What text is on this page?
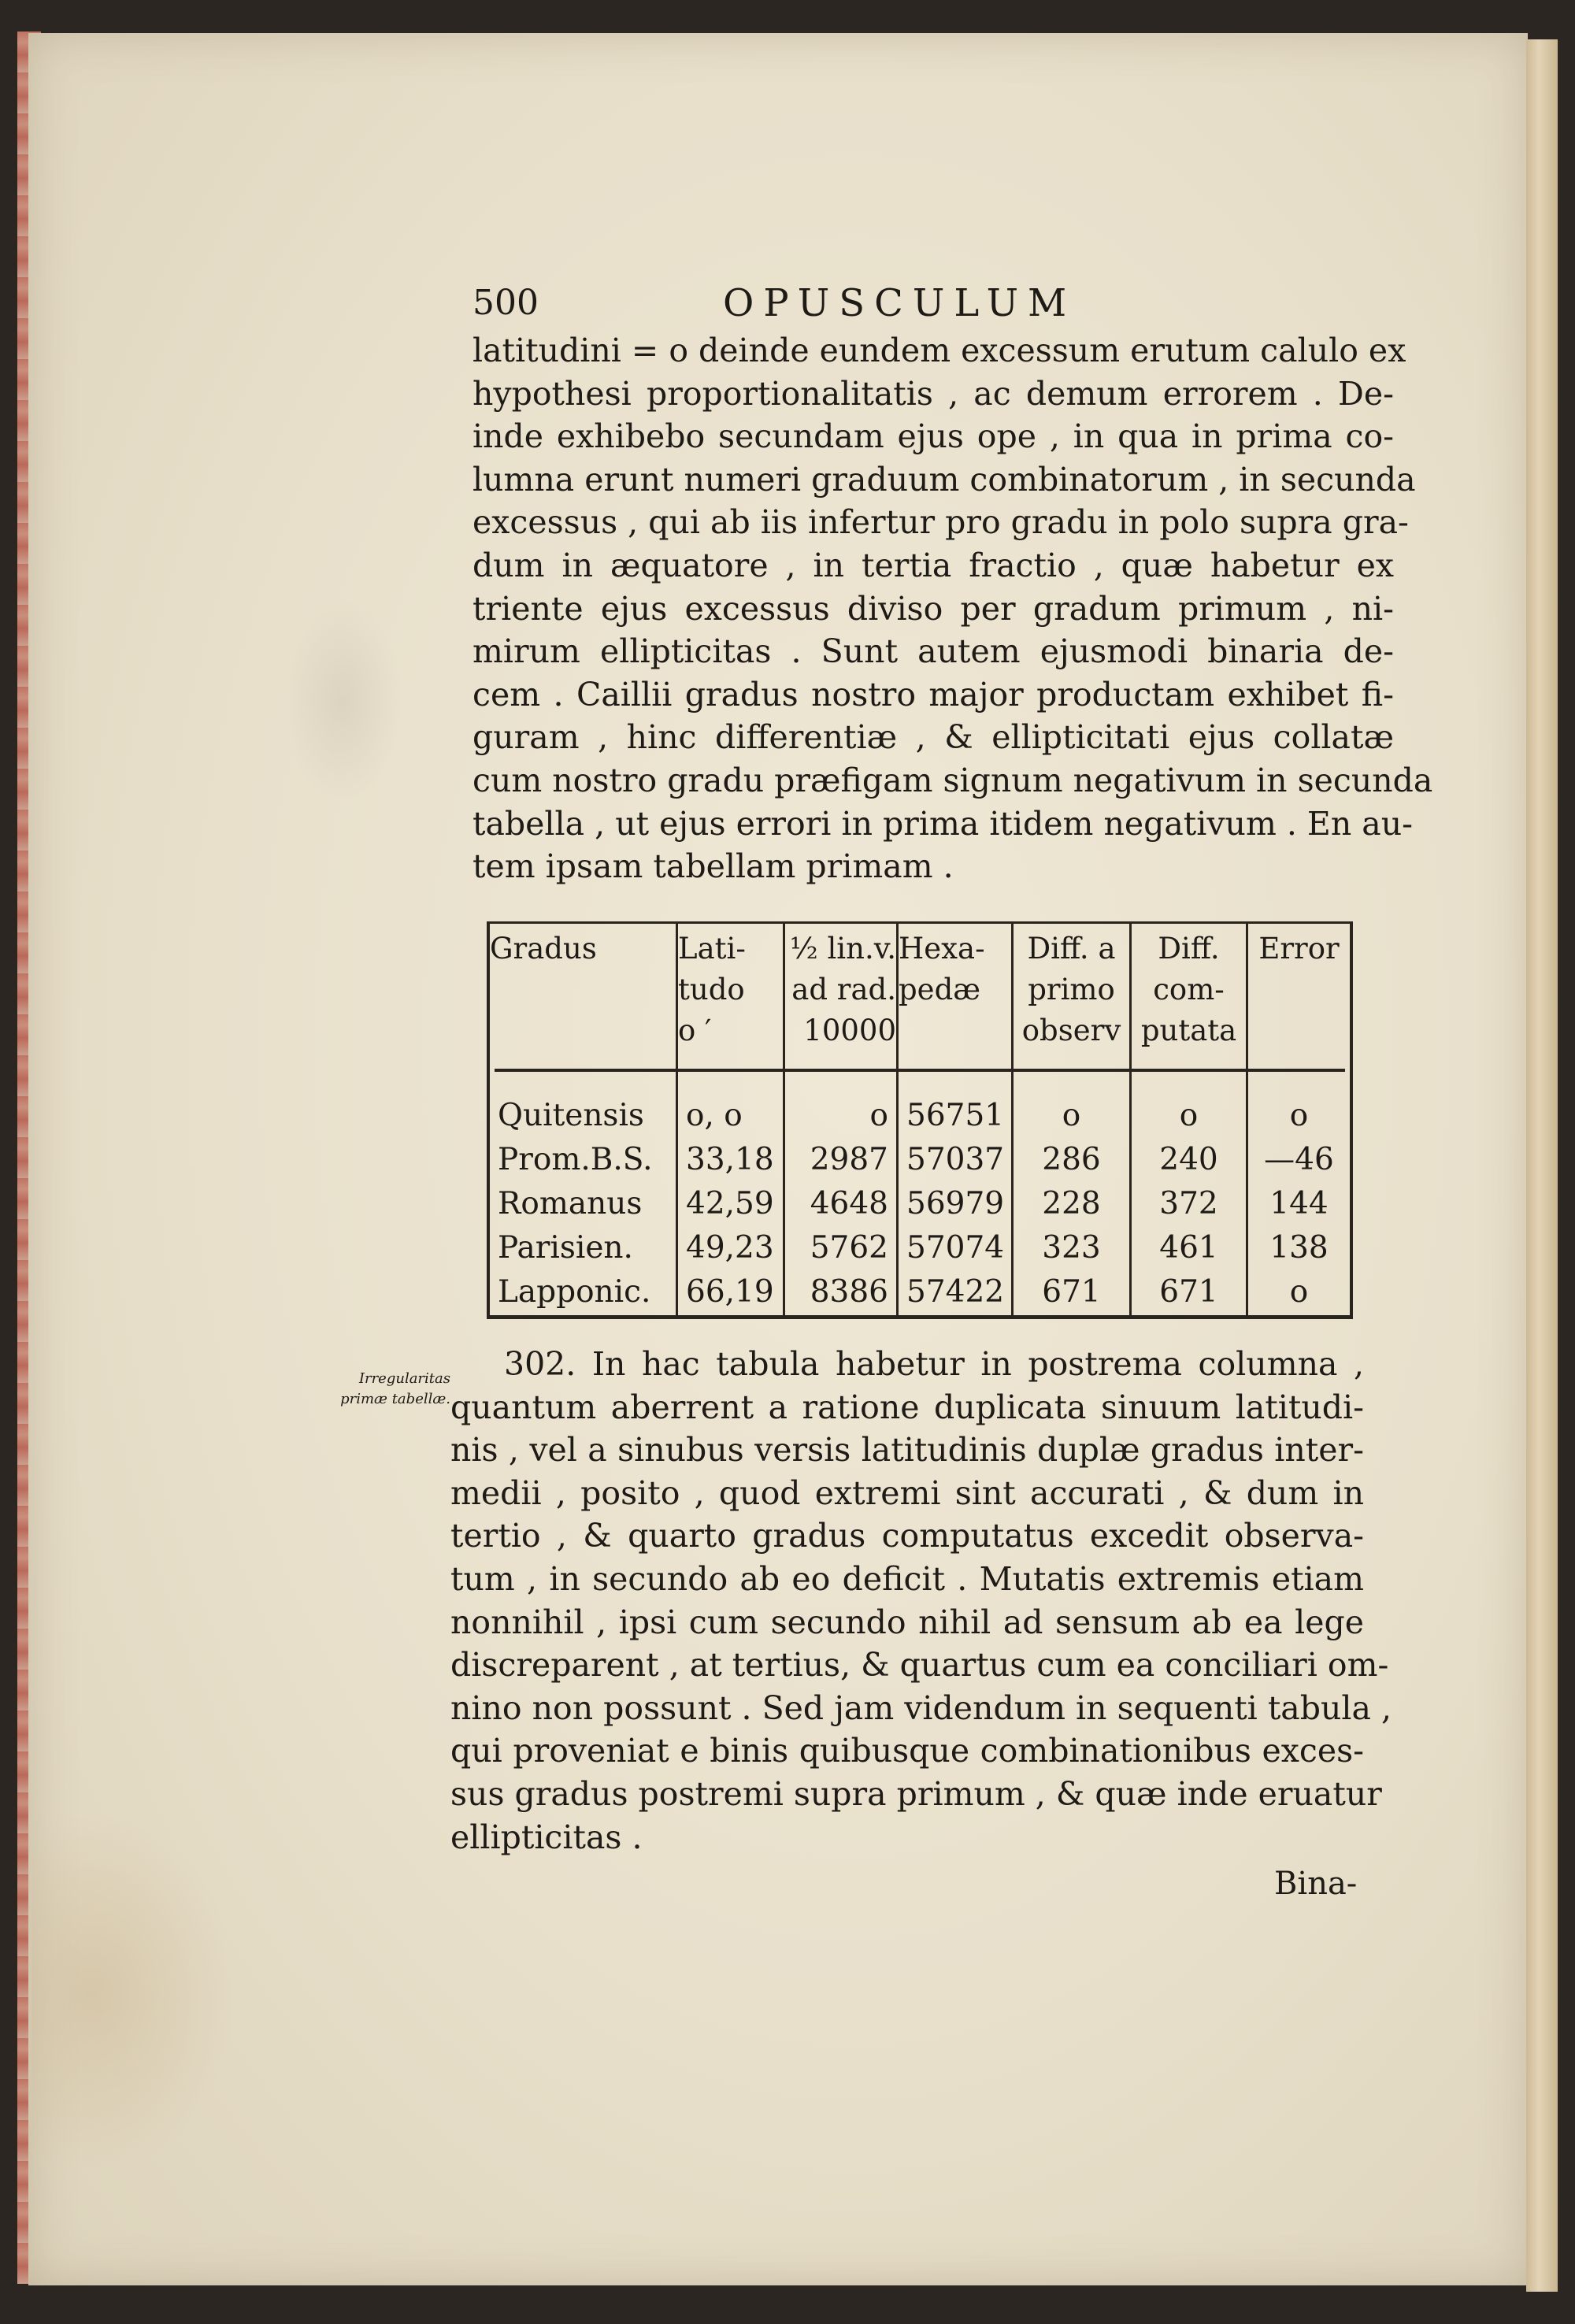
500	OPUSCULUM
latitudini = o deinde eundem excessum erutum calulo ex
hypothesi proportionalitatis , ac demum errorem . De-
inde exhibebo secundam ejus ope , in qua in prima co-
lumna erunt numeri graduum combinatorum , in secunda
excessus , qui ab iis infertur pro gradu in polo supra gra-
dum in æquatore , in tertia fractio , quæ habetur ex
triente ejus excessus diviso per gradum primum , ni-
mirum ellipticitas . Sunt autem ejusmodi binaria de-
cem . Caillii gradus nostro major productam exhibet fi-
guram , hinc differentiæ , & ellipticitati ejus collatæ
cum nostro gradu præfigam signum negativum in secunda
tabella , ut ejus errori in prima itidem negativum . En au-
tem ipsam tabellam primam .
Gradus
Quitensis
Prom.B.S.
Romanus
Parisien.
Lapponic.
Lati-
tudo
o ′
o, o
33,18
42,59
49,23
66,19
½ lin.v.
ad rad.
10000
o
2987
4648
5762
8386
Hexa-
pedæ
56751
57037
56979
57074
57422
Diff. a
primo
observ
o
286
228
323
671
Diff.
com-
putata
o
240
372
461
671
Error
o
—46
144
138
o
Irregularitas
primæ tabellæ.
302. In hac tabula habetur in postrema columna ,
quantum aberrent a ratione duplicata sinuum latitudi-
nis , vel a sinubus versis latitudinis duplæ gradus inter-
medii , posito , quod extremi sint accurati , & dum in
tertio , & quarto gradus computatus excedit observa-
tum , in secundo ab eo deficit . Mutatis extremis etiam
nonnihil , ipsi cum secundo nihil ad sensum ab ea lege
discreparent , at tertius, & quartus cum ea conciliari om-
nino non possunt . Sed jam videndum in sequenti tabula ,
qui proveniat e binis quibusque combinationibus exces-
sus gradus postremi supra primum , & quæ inde eruatur
ellipticitas .
Bina-
